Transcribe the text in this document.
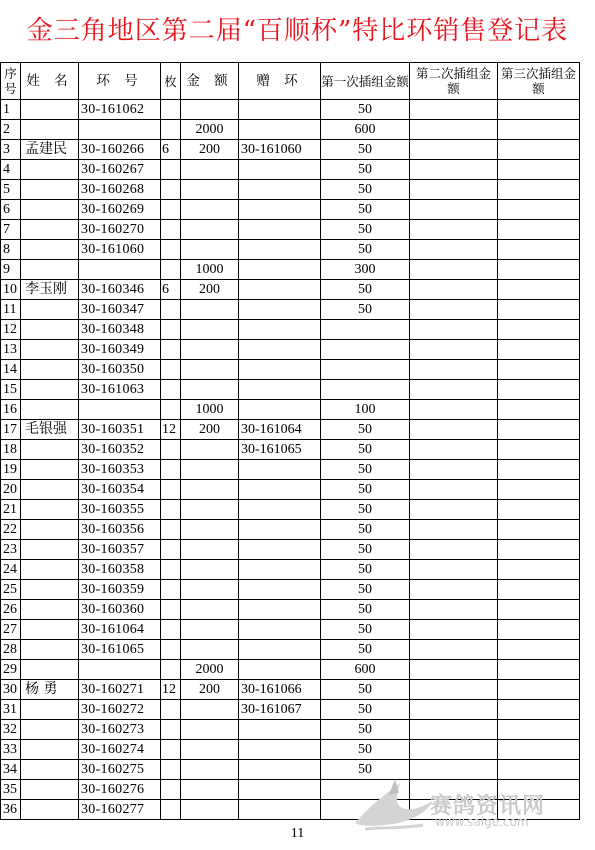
金三角地区第二届“百顺杯”特比环销售登记表
序号	姓 名	环 号	枚	金 额	赠 环	第一次插组金额	第二次插组金额	第三次插组金额
1		30-161062				50		
2				2000		600		
3	孟建民	30-160266	6	200	30-161060	50		
4		30-160267				50		
5		30-160268				50		
6		30-160269				50		
7		30-160270				50		
8		30-161060				50		
9				1000		300		
10	李玉刚	30-160346	6	200		50		
11		30-160347				50		
12		30-160348						
13		30-160349						
14		30-160350						
15		30-161063						
16				1000		100		
17	毛银强	30-160351	12	200	30-161064	50		
18		30-160352			30-161065	50		
19		30-160353				50		
20		30-160354				50		
21		30-160355				50		
22		30-160356				50		
23		30-160357				50		
24		30-160358				50		
25		30-160359				50		
26		30-160360				50		
27		30-161064				50		
28		30-161065				50		
29				2000		600		
30	杨 勇	30-160271	12	200	30-161066	50		
31		30-160272			30-161067	50		
32		30-160273				50		
33		30-160274				50		
34		30-160275				50		
35		30-160276						
36		30-160277							赛鸽资讯网
www.saige.com
11
